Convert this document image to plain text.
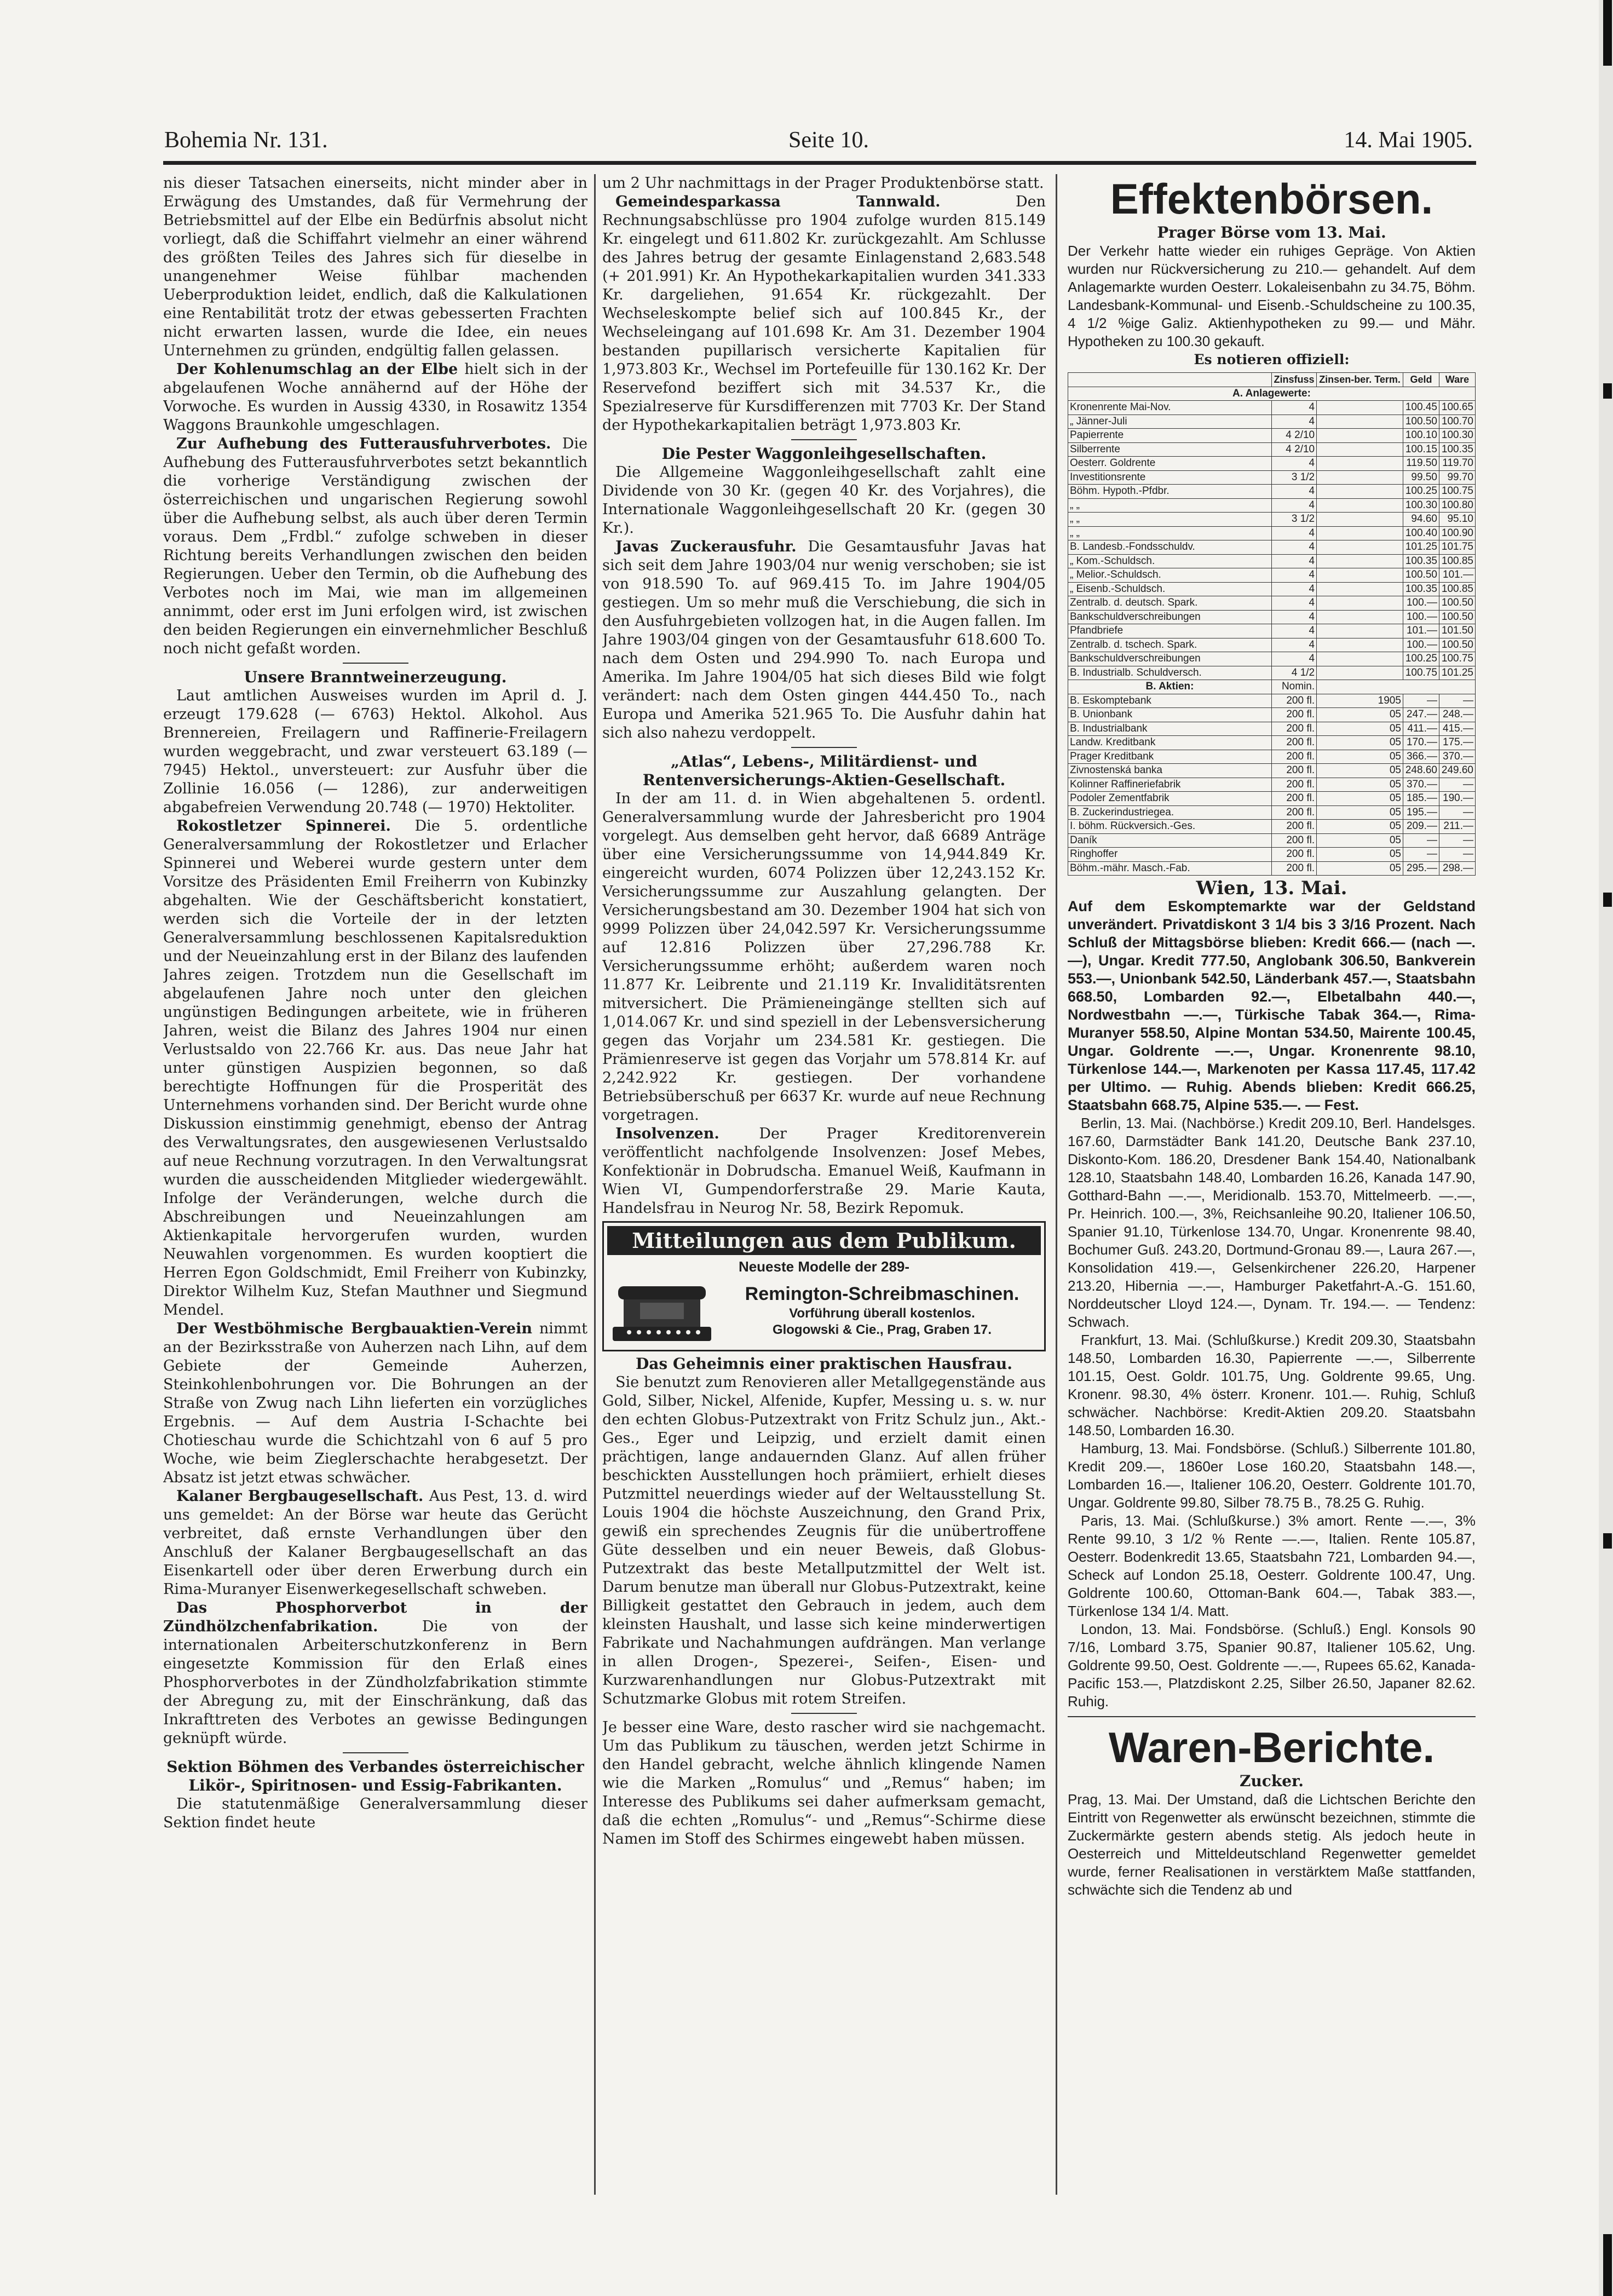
Bohemia Nr. 131.	Seite 10.	14. Mai 1905.

nis dieser Tatsachen einerseits, nicht minder aber in Erwägung des Umstandes, daß für Vermehrung der Betriebsmittel auf der Elbe ein Bedürfnis absolut nicht vorliegt, daß die Schiffahrt vielmehr an einer während des größten Teiles des Jahres sich für dieselbe in unangenehmer Weise fühlbar machenden Ueberproduktion leidet, endlich, daß die Kalkulationen eine Rentabilität trotz der etwas gebesserten Frachten nicht erwarten lassen, wurde die Idee, ein neues Unternehmen zu gründen, endgültig fallen gelassen.

Der Kohlenumschlag an der Elbe hielt sich in der abgelaufenen Woche annähernd auf der Höhe der Vorwoche. Es wurden in Aussig 4330, in Rosawitz 1354 Waggons Braunkohle umgeschlagen.

Zur Aufhebung des Futterausfuhrverbotes. Die Aufhebung des Futterausfuhrverbotes setzt bekanntlich die vorherige Verständigung zwischen der österreichischen und ungarischen Regierung sowohl über die Aufhebung selbst, als auch über deren Termin voraus. Dem „Frdbl.“ zufolge schweben in dieser Richtung bereits Verhandlungen zwischen den beiden Regierungen. Ueber den Termin, ob die Aufhebung des Verbotes noch im Mai, wie man im allgemeinen annimmt, oder erst im Juni erfolgen wird, ist zwischen den beiden Regierungen ein einvernehmlicher Beschluß noch nicht gefaßt worden.

Unsere Branntweinerzeugung.

Laut amtlichen Ausweises wurden im April d. J. erzeugt 179.628 (— 6763) Hektol. Alkohol. Aus Brennereien, Freilagern und Raffinerie-Freilagern wurden weggebracht, und zwar versteuert 63.189 (— 7945) Hektol., unversteuert: zur Ausfuhr über die Zollinie 16.056 (— 1286), zur anderweitigen abgabefreien Verwendung 20.748 (— 1970) Hektoliter.

Rokostletzer Spinnerei. Die 5. ordentliche Generalversammlung der Rokostletzer und Erlacher Spinnerei und Weberei wurde gestern unter dem Vorsitze des Präsidenten Emil Freiherrn von Kubinzky abgehalten. Wie der Geschäftsbericht konstatiert, werden sich die Vorteile der in der letzten Generalversammlung beschlossenen Kapitalsreduktion und der Neueinzahlung erst in der Bilanz des laufenden Jahres zeigen. Trotzdem nun die Gesellschaft im abgelaufenen Jahre noch unter den gleichen ungünstigen Bedingungen arbeitete, wie in früheren Jahren, weist die Bilanz des Jahres 1904 nur einen Verlustsaldo von 22.766 Kr. aus. Das neue Jahr hat unter günstigen Auspizien begonnen, so daß berechtigte Hoffnungen für die Prosperität des Unternehmens vorhanden sind. Der Bericht wurde ohne Diskussion einstimmig genehmigt, ebenso der Antrag des Verwaltungsrates, den ausgewiesenen Verlustsaldo auf neue Rechnung vorzutragen. In den Verwaltungsrat wurden die ausscheidenden Mitglieder wiedergewählt. Infolge der Veränderungen, welche durch die Abschreibungen und Neueinzahlungen am Aktienkapitale hervorgerufen wurden, wurden Neuwahlen vorgenommen. Es wurden kooptiert die Herren Egon Goldschmidt, Emil Freiherr von Kubinzky, Direktor Wilhelm Kuz, Stefan Mauthner und Siegmund Mendel.

Der Westböhmische Bergbauaktien-Verein nimmt an der Bezirksstraße von Auherzen nach Lihn, auf dem Gebiete der Gemeinde Auherzen, Steinkohlenbohrungen vor. Die Bohrungen an der Straße von Zwug nach Lihn lieferten ein vorzügliches Ergebnis. — Auf dem Austria I-Schachte bei Chotieschau wurde die Schichtzahl von 6 auf 5 pro Woche, wie beim Zieglerschachte herabgesetzt. Der Absatz ist jetzt etwas schwächer.

Kalaner Bergbaugesellschaft. Aus Pest, 13. d. wird uns gemeldet: An der Börse war heute das Gerücht verbreitet, daß ernste Verhandlungen über den Anschluß der Kalaner Bergbaugesellschaft an das Eisenkartell oder über deren Erwerbung durch ein Rima-Muranyer Eisenwerkegesellschaft schweben.

Das Phosphorverbot in der Zündhölzchenfabrikation.	Die von der internationalen Arbeiterschutzkonferenz in Bern eingesetzte Kommission für den Erlaß eines Phosphorverbotes in der Zündholzfabrikation stimmte der Abregung zu, mit der Einschränkung, daß das Inkrafttreten des Verbotes an gewisse Bedingungen geknüpft würde.

Sektion Böhmen des Verbandes österreichischer Likör-, Spiritnosen- und Essig-Fabrikanten.

Die statutenmäßige Generalversammlung dieser Sektion findet heute

um 2 Uhr nachmittags in der Prager Produktenbörse statt.

Gemeindesparkassa Tannwald.	Den Rechnungsabschlüsse pro 1904 zufolge wurden 815.149 Kr. eingelegt und 611.802 Kr. zurückgezahlt. Am Schlusse des Jahres betrug der gesamte Einlagenstand 2,683.548 (+ 201.991) Kr. An Hypothekarkapitalien wurden 341.333 Kr. dargeliehen, 91.654 Kr. rückgezahlt. Der Wechseleskompte belief sich auf 100.845 Kr., der Wechseleingang auf 101.698 Kr. Am 31. Dezember 1904 bestanden pupillarisch versicherte Kapitalien für 1,973.803 Kr., Wechsel im Portefeuille für 130.162 Kr. Der Reservefond beziffert sich mit 34.537 Kr., die Spezialreserve für Kursdifferenzen mit 7703 Kr. Der Stand der Hypothekarkapitalien beträgt 1,973.803 Kr.

Die Pester Waggonleihgesellschaften.

Die Allgemeine Waggonleihgesellschaft zahlt eine Dividende von 30 Kr. (gegen 40 Kr. des Vorjahres), die Internationale Waggonleihgesellschaft 20 Kr. (gegen 30 Kr.).

Javas Zuckerausfuhr. Die Gesamtausfuhr Javas hat sich seit dem Jahre 1903/04 nur wenig verschoben; sie ist von 918.590 To. auf 969.415 To. im Jahre 1904/05 gestiegen. Um so mehr muß die Verschiebung, die sich in den Ausfuhrgebieten vollzogen hat, in die Augen fallen. Im Jahre 1903/04 gingen von der Gesamtausfuhr 618.600 To. nach dem Osten und 294.990 To. nach Europa und Amerika. Im Jahre 1904/05 hat sich dieses Bild wie folgt verändert: nach dem Osten gingen 444.450 To., nach Europa und Amerika 521.965 To. Die Ausfuhr dahin hat sich also nahezu verdoppelt.

„Atlas“, Lebens-, Militärdienst- und Rentenversicherungs-Aktien-Gesellschaft.

In der am 11. d. in Wien abgehaltenen 5. ordentl. Generalversammlung wurde der Jahresbericht pro 1904 vorgelegt. Aus demselben geht hervor, daß 6689 Anträge über eine Versicherungssumme von 14,944.849 Kr. eingereicht wurden, 6074 Polizzen über 12,243.152 Kr. Versicherungssumme zur Auszahlung gelangten. Der Versicherungsbestand am 30. Dezember 1904 hat sich von 9999 Polizzen über 24,042.597 Kr. Versicherungssumme auf 12.816 Polizzen über 27,296.788 Kr. Versicherungssumme erhöht; außerdem waren noch 11.877 Kr. Leibrente und 21.119 Kr. Invaliditätsrenten mitversichert. Die Prämieneingänge stellten sich auf 1,014.067 Kr. und sind speziell in der Lebensversicherung gegen das Vorjahr um 234.581 Kr. gestiegen. Die Prämienreserve ist gegen das Vorjahr um 578.814 Kr. auf 2,242.922 Kr. gestiegen. Der vorhandene Betriebsüberschuß per 6637 Kr. wurde auf neue Rechnung vorgetragen.

Insolvenzen.	Der Prager Kreditorenverein veröffentlicht nachfolgende Insolvenzen: Josef Mebes, Konfektionär in Dobrudscha. Emanuel Weiß, Kaufmann in Wien VI, Gumpendorferstraße 29. Marie Kauta, Handelsfrau in Neurog Nr. 58, Bezirk Repomuk.

Mitteilungen aus dem Publikum.

Neueste Modelle der 289-

Remington-Schreibmaschinen.

Vorführung überall kostenlos.

Glogowski & Cie., Prag, Graben 17.

Das Geheimnis einer praktischen Hausfrau.

Sie benutzt zum Renovieren aller Metallgegenstände aus Gold, Silber, Nickel, Alfenide, Kupfer, Messing u. s. w. nur den echten Globus-Putzextrakt von Fritz Schulz jun., Akt.-Ges., Eger und Leipzig, und erzielt damit einen prächtigen, lange andauernden Glanz. Auf allen früher beschickten Ausstellungen hoch prämiiert, erhielt dieses Putzmittel neuerdings wieder auf der Weltausstellung St. Louis 1904 die höchste Auszeichnung, den Grand Prix, gewiß ein sprechendes Zeugnis für die unübertroffene Güte desselben und ein neuer Beweis, daß Globus-Putzextrakt das beste Metallputzmittel der Welt ist. Darum benutze man überall nur Globus-Putzextrakt, keine Billigkeit gestattet den Gebrauch in jedem, auch dem kleinsten Haushalt, und lasse sich keine minderwertigen Fabrikate und Nachahmungen aufdrängen. Man verlange in allen Drogen-, Spezerei-, Seifen-, Eisen- und Kurzwarenhandlungen nur Globus-Putzextrakt mit Schutzmarke Globus mit rotem Streifen.

Je besser eine Ware, desto rascher wird sie nachgemacht. Um das Publikum zu täuschen, werden jetzt Schirme in den Handel gebracht, welche ähnlich klingende Namen wie die Marken „Romulus“ und „Remus“ haben; im Interesse des Publikums sei daher aufmerksam gemacht, daß die echten „Romulus“- und „Remus“-Schirme diese Namen im Stoff des Schirmes eingewebt haben müssen.

Effektenbörsen.

Prager Börse vom 13. Mai.

Der Verkehr hatte wieder ein ruhiges Gepräge. Von Aktien wurden nur Rückversicherung zu 210.— gehandelt. Auf dem Anlagemarkte wurden Oesterr. Lokaleisenbahn zu 34.75, Böhm. Landesbank-Kommunal- und Eisenb.-Schuldscheine zu 100.35, 4 1/2 %ige Galiz. Aktienhypotheken zu 99.— und Mähr. Hypotheken zu 100.30 gekauft.

Es notieren offiziell:

	Zinsfuss	Zinsen-ber. Term.	Geld	Ware
A. Anlagewerte:				
Kronenrente Mai-Nov.	4		100.45	100.65
„ Jänner-Juli	4		100.50	100.70
Papierrente	4 2/10		100.10	100.30
Silberrente	4 2/10		100.15	100.35
Oesterr. Goldrente	4		119.50	119.70
Investitionsrente	3 1/2		99.50	99.70
Böhm. Hypoth.-Pfdbr.	4		100.25	100.75
„ „	4		100.30	100.80
„ „	3 1/2		94.60	95.10
„ „	4		100.40	100.90
B. Landesb.-Fondsschuldv.	4		101.25	101.75
„ Kom.-Schuldsch.	4		100.35	100.85
„ Melior.-Schuldsch.	4		100.50	101.—
„ Eisenb.-Schuldsch.	4		100.35	100.85
Zentralb. d. deutsch. Spark.	4		100.—	100.50
Bankschuldverschreibungen	4		100.—	100.50
Pfandbriefe	4		101.—	101.50
Zentralb. d. tschech. Spark.	4		100.—	100.50
Bankschuldverschreibungen	4		100.25	100.75
B. Industrialb. Schuldversch.	4 1/2		100.75	101.25
B. Aktien:	Nomin.			
B. Eskomptebank	200 fl.	1905	—	—
B. Unionbank	200 fl.	05	247.—	248.—
B. Industrialbank	200 fl.	05	411.—	415.—
Landw. Kreditbank	200 fl.	05	170.—	175.—
Prager Kreditbank	200 fl.	05	366.—	370.—
Zivnostenská banka	200 fl.	05	248.60	249.60
Kolinner Raffineriefabrik	200 fl.	05	370.—	—
Podoler Zementfabrik	200 fl.	05	185.—	190.—
B. Zuckerindustriegea.	200 fl.	05	195.—	—
I. böhm. Rückversich.-Ges.	200 fl.	05	209.—	211.—
Daník	200 fl.	05	—	—
Ringhoffer	200 fl.	05	—	—
Böhm.-mähr. Masch.-Fab.	200 fl.	05	295.—	298.—

Wien, 13. Mai.

Auf dem Eskomptemarkte war der Geldstand unverändert. Privatdiskont 3 1/4 bis 3 3/16 Prozent. Nach Schluß der Mittagsbörse blieben: Kredit 666.— (nach —.—), Ungar. Kredit 777.50, Anglobank 306.50, Bankverein 553.—, Unionbank 542.50, Länderbank 457.—, Staatsbahn 668.50, Lombarden 92.—, Elbetalbahn 440.—, Nordwestbahn —.—, Türkische Tabak 364.—, Rima-Muranyer 558.50, Alpine Montan 534.50, Mairente 100.45, Ungar. Goldrente —.—, Ungar. Kronenrente 98.10, Türkenlose 144.—, Markenoten per Kassa 117.45, 117.42 per Ultimo. — Ruhig. Abends blieben: Kredit 666.25, Staatsbahn 668.75, Alpine 535.—. — Fest.

Berlin, 13. Mai. (Nachbörse.) Kredit 209.10, Berl. Handelsges. 167.60, Darmstädter Bank 141.20, Deutsche Bank 237.10, Diskonto-Kom. 186.20, Dresdener Bank 154.40, Nationalbank 128.10, Staatsbahn 148.40, Lombarden 16.26, Kanada 147.90, Gotthard-Bahn —.—, Meridionalb. 153.70, Mittelmeerb. —.—, Pr. Heinrich. 100.—, 3%, Reichsanleihe 90.20, Italiener 106.50, Spanier 91.10, Türkenlose 134.70, Ungar. Kronenrente 98.40, Bochumer Guß. 243.20, Dortmund-Gronau 89.—, Laura 267.—, Konsolidation 419.—, Gelsenkirchener 226.20, Harpener 213.20, Hibernia —.—, Hamburger Paketfahrt-A.-G. 151.60, Norddeutscher Lloyd 124.—, Dynam. Tr. 194.—. — Tendenz: Schwach.

Frankfurt, 13. Mai. (Schlußkurse.) Kredit 209.30, Staatsbahn 148.50, Lombarden 16.30, Papierrente —.—, Silberrente 101.15, Oest. Goldr. 101.75, Ung. Goldrente 99.65, Ung. Kronenr. 98.30, 4% österr. Kronenr. 101.—. Ruhig, Schluß schwächer. Nachbörse: Kredit-Aktien 209.20. Staatsbahn 148.50, Lombarden 16.30.

Hamburg, 13. Mai. Fondsbörse. (Schluß.) Silberrente 101.80, Kredit 209.—, 1860er Lose 160.20, Staatsbahn 148.—, Lombarden 16.—, Italiener 106.20, Oesterr. Goldrente 101.70, Ungar. Goldrente 99.80, Silber 78.75 B., 78.25 G. Ruhig.

Paris, 13. Mai. (Schlußkurse.) 3% amort. Rente —.—, 3% Rente 99.10, 3 1/2 % Rente —.—, Italien. Rente 105.87, Oesterr. Bodenkredit 13.65, Staatsbahn 721, Lombarden 94.—, Scheck auf London 25.18, Oesterr. Goldrente 100.47, Ung. Goldrente 100.60, Ottoman-Bank 604.—, Tabak 383.—, Türkenlose 134 1/4. Matt.

London, 13. Mai. Fondsbörse. (Schluß.) Engl. Konsols 90 7/16, Lombard 3.75, Spanier 90.87, Italiener 105.62, Ung. Goldrente 99.50, Oest. Goldrente —.—, Rupees 65.62, Kanada-Pacific 153.—, Platzdiskont 2.25, Silber 26.50, Japaner 82.62. Ruhig.

Waren-Berichte.

Zucker.

Prag, 13. Mai. Der Umstand, daß die Lichtschen Berichte den Eintritt von Regenwetter als erwünscht bezeichnen, stimmte die Zuckermärkte gestern abends stetig. Als jedoch heute in Oesterreich und Mitteldeutschland Regenwetter gemeldet wurde, ferner Realisationen in verstärktem Maße stattfanden, schwächte sich die Tendenz ab und
